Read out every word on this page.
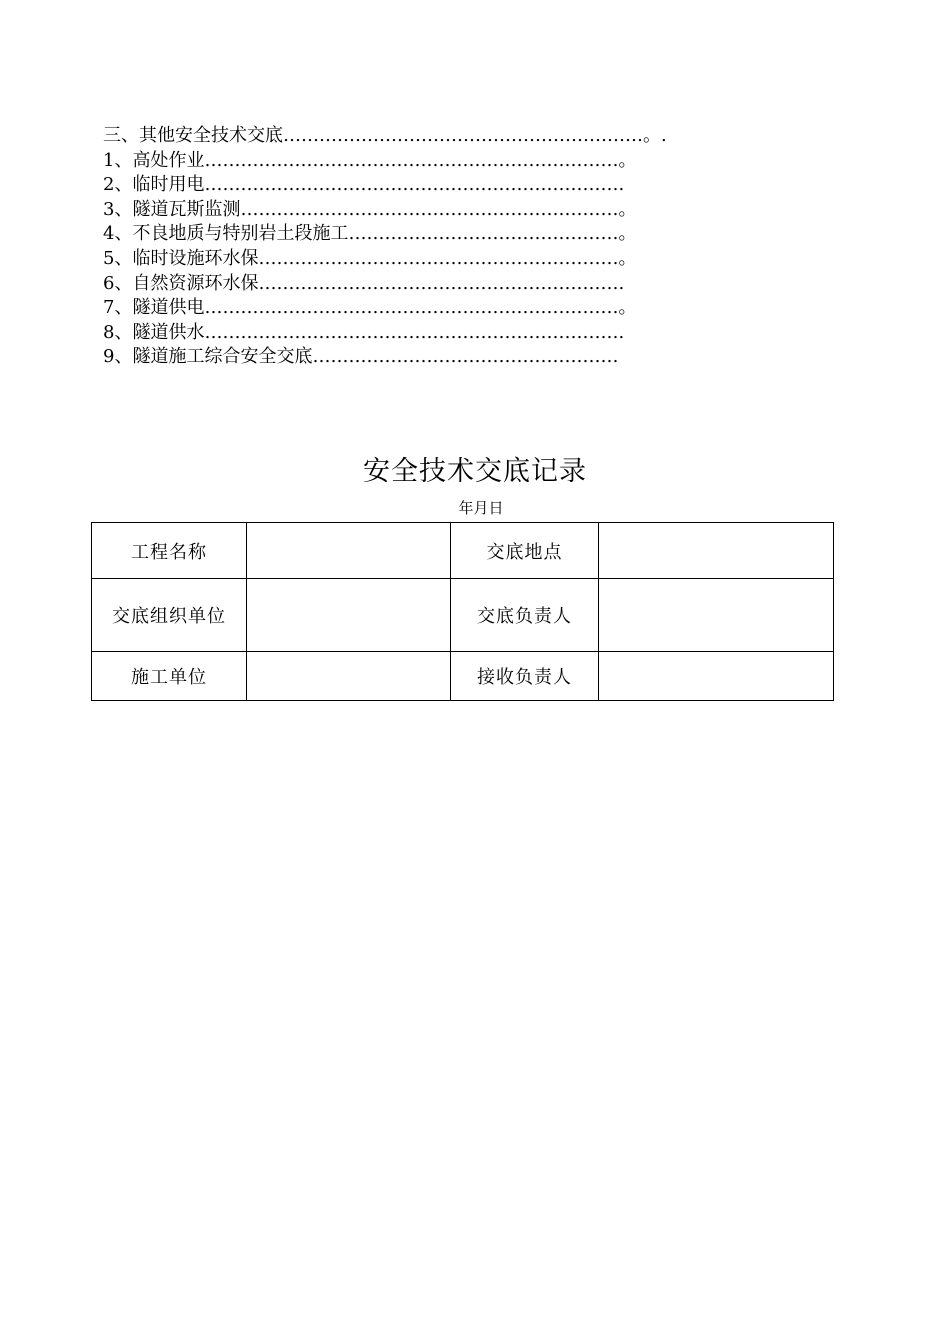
三、其他安全技术交底……………………………………………………。.
1、高处作业……………………………………………………………。
2、临时用电…………………………………………………………….
3、隧道瓦斯监测………………………………………………………。
4、不良地质与特别岩土段施工………………………………………。
5、临时设施环水保……………………………………………………。
6、自然资源环水保…………………………………………………….
7、隧道供电……………………………………………………………。
8、隧道供水…………………………………………………………….
9、隧道施工综合安全交底……………………………………………
安全技术交底记录
年月日
工程名称		交底地点	
交底组织单位		交底负责人	
施工单位		接收负责人	
